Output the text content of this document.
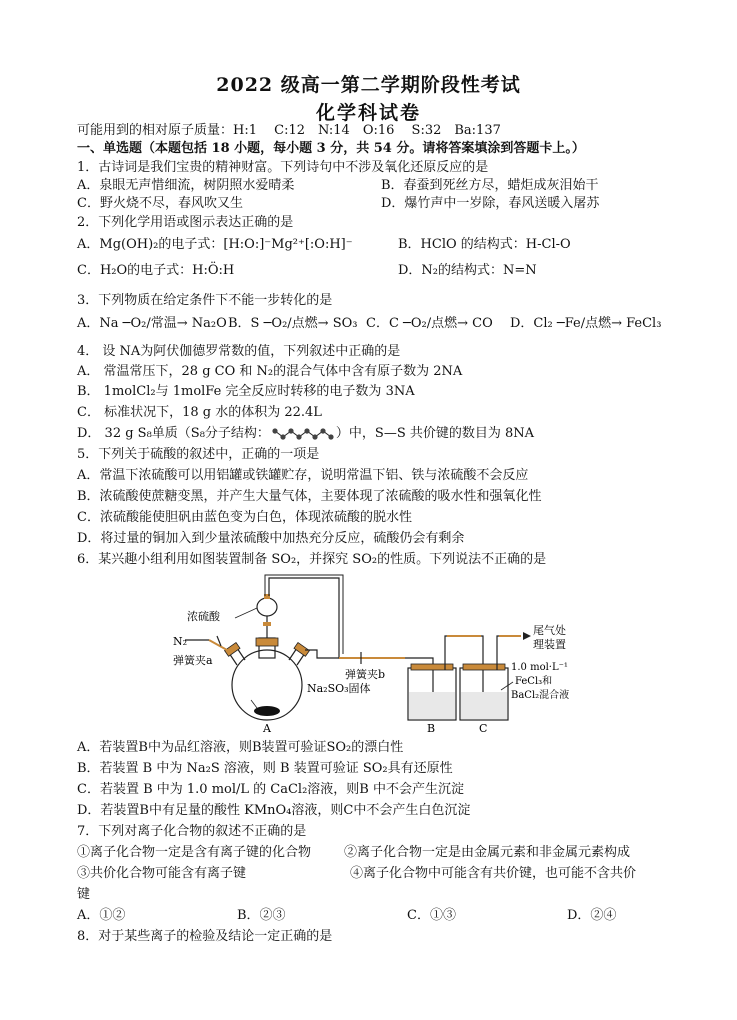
2022 级高一第二学期阶段性考试
化学科试卷
可能用到的相对原子质量：H:1　 C:12　N:14　O:16　 S:32　Ba:137
一、单选题（本题包括 18 小题，每小题 3 分，共 54 分。请将答案填涂到答题卡上。）
1．古诗词是我们宝贵的精神财富。下列诗句中不涉及氧化还原反应的是
A．泉眼无声惜细流，树阴照水爱晴柔	B．春蚕到死丝方尽，蜡炬成灰泪始干
C．野火烧不尽，春风吹又生	D．爆竹声中一岁除，春风送暖入屠苏
2．下列化学用语或图示表达正确的是
A．Mg(OH)₂的电子式：[H:O:]⁻Mg²⁺[:O:H]⁻	B．HClO 的结构式：H-Cl-O
C．H₂O的电子式：H:Ö:H	D．N₂的结构式：N=N
3．下列物质在给定条件下不能一步转化的是
A．Na ─O₂/常温→ Na₂O B．S ─O₂/点燃→ SO₃ C．C ─O₂/点燃→ CO D．Cl₂ ─Fe/点燃→ FeCl₃
4． 设 NA为阿伏伽德罗常数的值，下列叙述中正确的是
A． 常温常压下，28 g CO 和 N₂的混合气体中含有原子数为 2NA
B． 1molCl₂与 1molFe 完全反应时转移的电子数为 3NA
C． 标准状况下，18 g 水的体积为 22.4L
D． 32 g S₈单质（S₈分子结构：	）中，S—S 共价键的数目为 8NA
5．下列关于硫酸的叙述中，正确的一项是
A．常温下浓硫酸可以用铝罐或铁罐贮存，说明常温下铝、铁与浓硫酸不会反应
B．浓硫酸使蔗糖变黑，并产生大量气体，主要体现了浓硫酸的吸水性和强氧化性
C．浓硫酸能使胆矾由蓝色变为白色，体现浓硫酸的脱水性
D．将过量的铜加入到少量浓硫酸中加热充分反应，硫酸仍会有剩余
6．某兴趣小组利用如图装置制备 SO₂，并探究 SO₂的性质。下列说法不正确的是
浓硫酸
N₂
弹簧夹a
弹簧夹b
Na₂SO₃固体
尾气处
理装置
1.0 mol·L⁻¹
FeCl₃和
BaCl₂混合液
A	B	C
A．若装置B中为品红溶液，则B装置可验证SO₂的漂白性
B．若装置 B 中为 Na₂S 溶液，则 B 装置可验证 SO₂具有还原性
C．若装置 B 中为 1.0 mol/L 的 CaCl₂溶液，则B 中不会产生沉淀
D．若装置B中有足量的酸性 KMnO₄溶液，则C中不会产生白色沉淀
7．下列对离子化合物的叙述不正确的是
①离子化合物一定是含有离子键的化合物	②离子化合物一定是由金属元素和非金属元素构成
③共价化合物可能含有离子键	④离子化合物中可能含有共价键，也可能不含共价
键
A．①②	B．②③	C．①③	D．②④
8．对于某些离子的检验及结论一定正确的是
